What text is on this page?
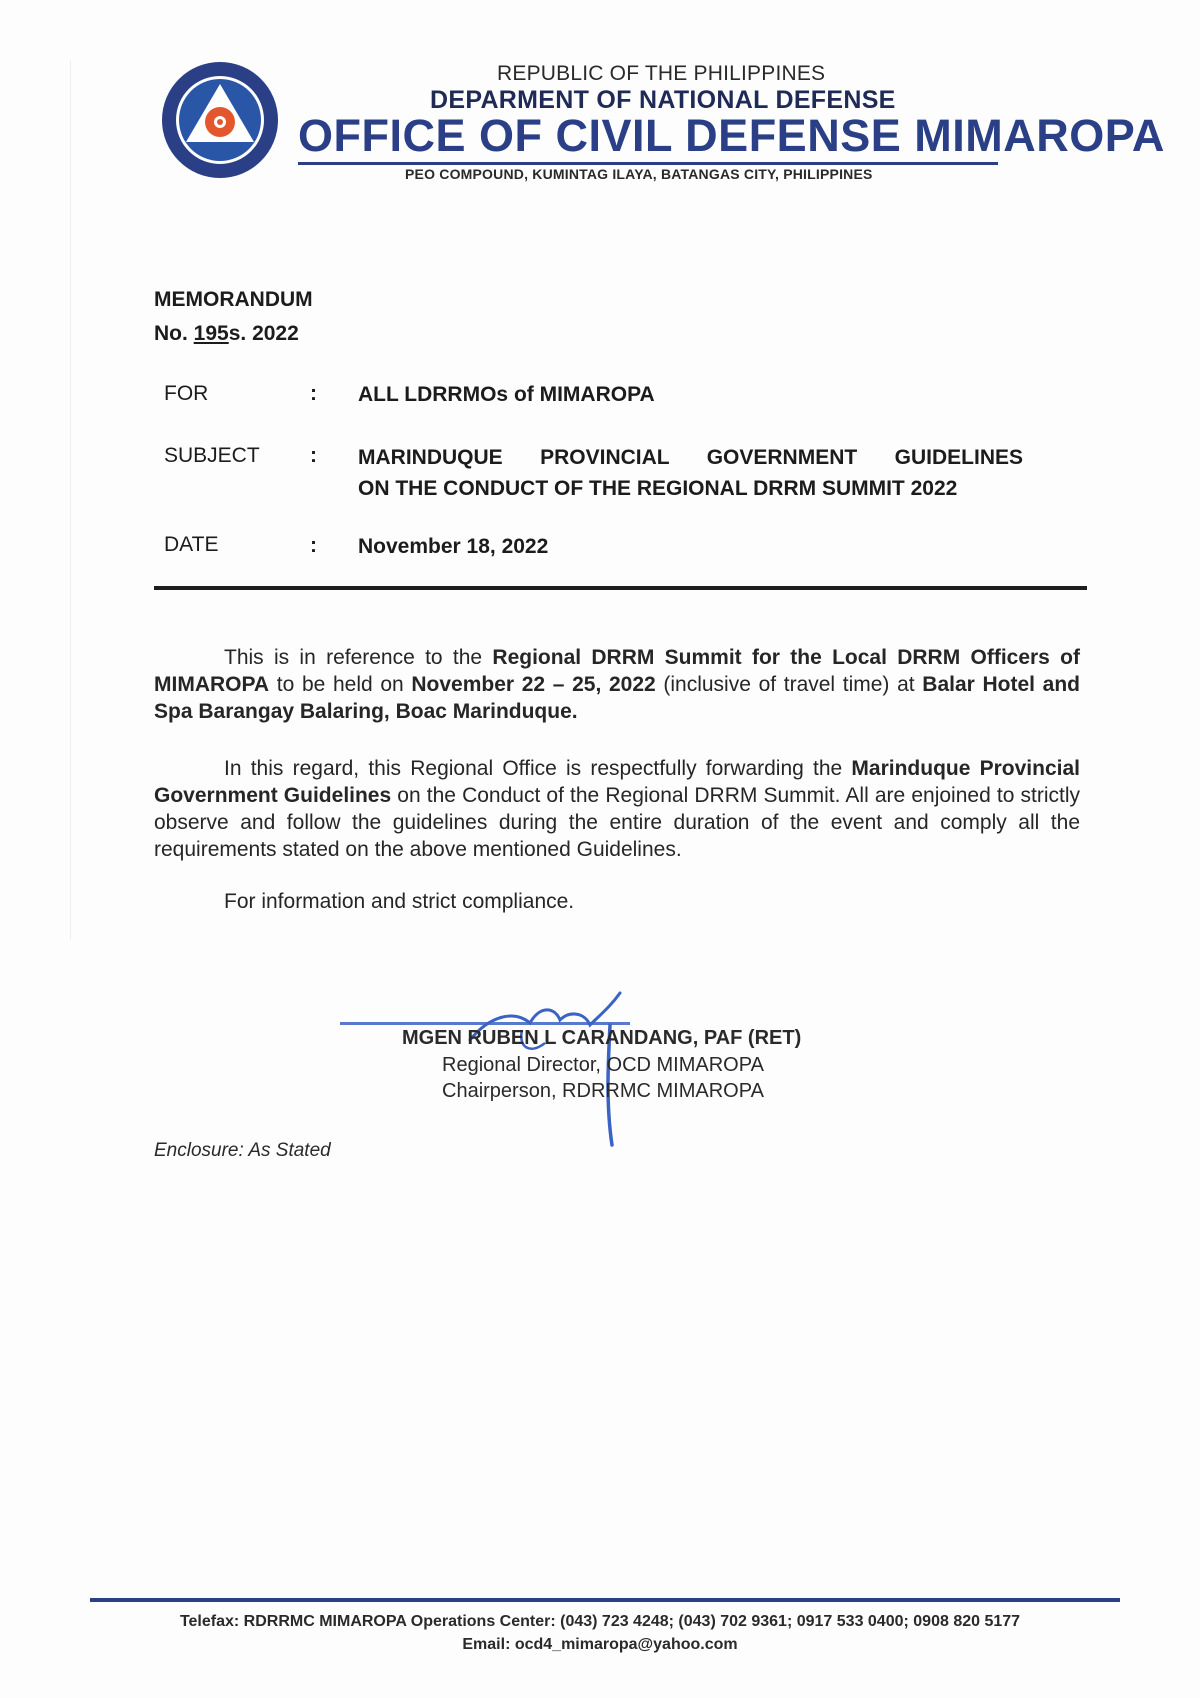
REPUBLIC OF THE PHILIPPINES
DEPARMENT OF NATIONAL DEFENSE
OFFICE OF CIVIL DEFENSE MIMAROPA
PEO COMPOUND, KUMINTAG ILAYA, BATANGAS CITY, PHILIPPINES
MEMORANDUM
No. 195s. 2022
FOR	: ALL LDRRMOs of MIMAROPA
SUBJECT : MARINDUQUE PROVINCIAL GOVERNMENT GUIDELINES
ON THE CONDUCT OF THE REGIONAL DRRM SUMMIT 2022
DATE	: November 18, 2022
This is in reference to the Regional DRRM Summit for the Local DRRM Officers of MIMAROPA to be held on November 22 – 25, 2022 (inclusive of travel time) at Balar Hotel and Spa Barangay Balaring, Boac Marinduque.
In this regard, this Regional Office is respectfully forwarding the Marinduque Provincial Government Guidelines on the Conduct of the Regional DRRM Summit. All are enjoined to strictly observe and follow the guidelines during the entire duration of the event and comply all the requirements stated on the above mentioned Guidelines.
For information and strict compliance.
MGEN RUBEN L CARANDANG, PAF (RET)
Regional Director, OCD MIMAROPA
Chairperson, RDRRMC MIMAROPA
Enclosure: As Stated
Telefax: RDRRMC MIMAROPA Operations Center: (043) 723 4248; (043) 702 9361; 0917 533 0400; 0908 820 5177
Email: ocd4_mimaropa@yahoo.com
